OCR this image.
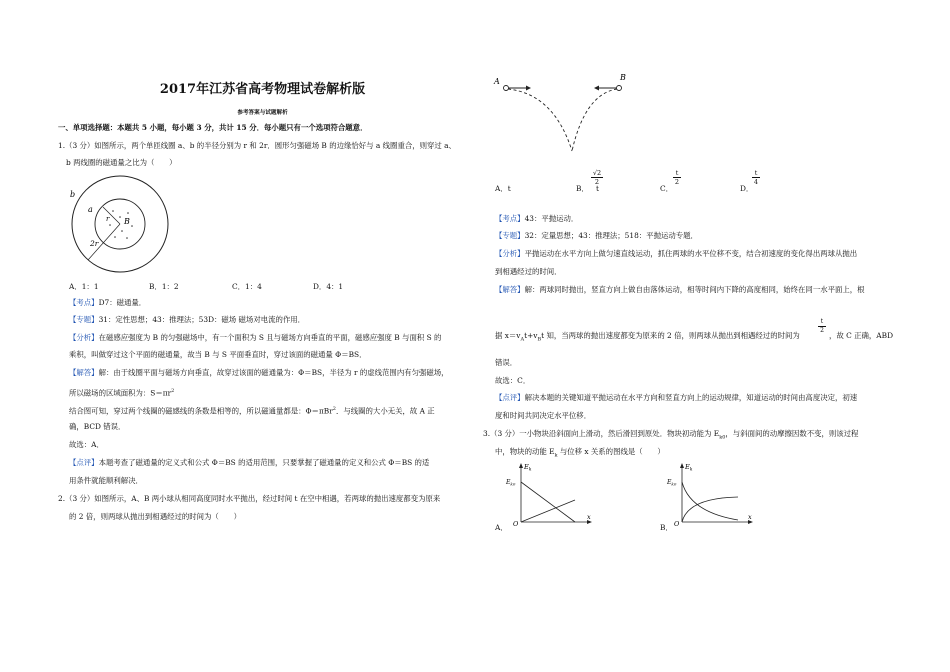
2017年江苏省高考物理试卷解析版
参考答案与试题解析
一、单项选择题：本题共 5 小题，每小题 3 分，共计 15 分．每小题只有一个选项符合题意．
1.（3 分）如图所示，两个单匝线圈 a、b 的半径分别为 r 和 2r．圆形匀强磁场 B 的边缘恰好与 a 线圈重合，则穿过 a、
b 两线圈的磁通量之比为（　　）
b
a
r B
2r
A．1：1	B．1：2	C．1：4	D．4：1
【考点】D7：磁通量．
【专题】31：定性思想；43：推理法；53D：磁场 磁场对电流的作用．
【分析】在磁感应强度为 B 的匀强磁场中，有一个面积为 S 且与磁场方向垂直的平面，磁感应强度 B 与面积 S 的
乘积，叫做穿过这个平面的磁通量，故当 B 与 S 平面垂直时，穿过该面的磁通量 Φ＝BS．
【解答】解：由于线圈平面与磁场方向垂直，故穿过该面的磁通量为：Φ＝BS，半径为 r 的虚线范围内有匀强磁场，
所以磁场的区域面积为：$S=\pi r^2$
结合图可知，穿过两个线圈的磁感线的条数是相等的，所以磁通量都是：Φ＝πBr$^2$．与线圈的大小无关，故 A 正
确，BCD 错误．
故选：A．
【点评】本题考查了磁通量的定义式和公式 Φ＝BS 的适用范围，只要掌握了磁通量的定义和公式 Φ＝BS 的适
用条件就能顺利解决．
2.（3 分）如图所示，A、B 两小球从相同高度同时水平抛出，经过时间 t 在空中相遇，若两球的抛出速度都变为原来
的 2 倍，则两球从抛出到相遇经过的时间为（　　）
A	B
A．t	B．
√2
2
t	C．
t
2
D．
t
4
【考点】43：平抛运动．
【专题】32：定量思想；43：推理法；518：平抛运动专题．
【分析】平抛运动在水平方向上做匀速直线运动，抓住两球的水平位移不变，结合初速度的变化得出两球从抛出
到相遇经过的时间．
【解答】解：两球同时抛出，竖直方向上做自由落体运动，相等时间内下降的高度相同，始终在同一水平面上，根
据 $x=v_At+v_Bt$ 知，当两球的抛出速度都变为原来的 2 倍，则两球从抛出到相遇经过的时间为
t
2
，故 C 正确，ABD
错误．
故选：C．
【点评】解决本题的关键知道平抛运动在水平方向和竖直方向上的运动规律，知道运动的时间由高度决定，初速
度和时间共同决定水平位移．
3.（3 分）一小物块沿斜面向上滑动，然后滑回到原处．物块初动能为 $E_{k0}$，与斜面间的动摩擦因数不变，则该过程
中，物块的动能 $E_k$ 与位移 x 关系的图线是（　　）
$E_k$
$E_{k0}$
O
x
A．
$E_k$
$E_{k0}$
O
x
B．
